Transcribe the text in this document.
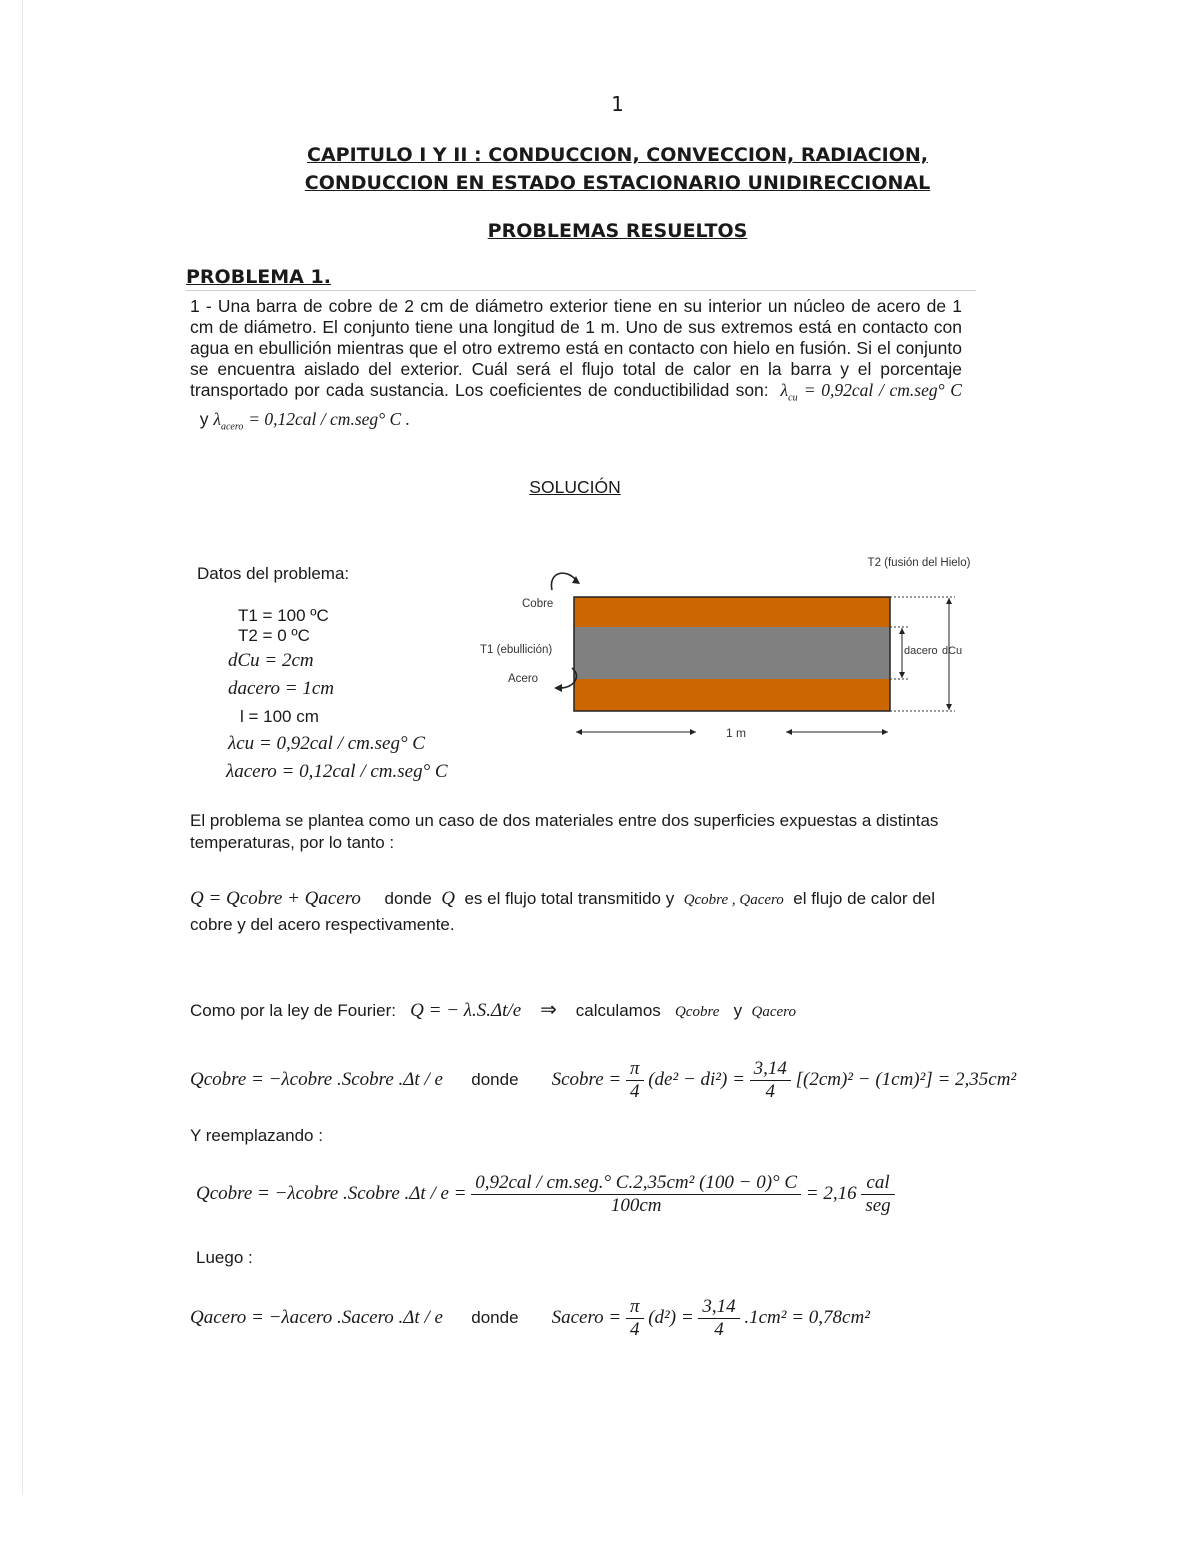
1
CAPITULO I Y II : CONDUCCION, CONVECCION, RADIACION,
CONDUCCION EN ESTADO ESTACIONARIO UNIDIRECCIONAL
PROBLEMAS RESUELTOS
PROBLEMA 1.
1 - Una barra de cobre de 2 cm de diámetro exterior tiene en su interior un núcleo de acero de 1 cm de diámetro. El conjunto tiene una longitud de 1 m. Uno de sus extremos está en contacto con agua en ebullición mientras que el otro extremo está en contacto con hielo en fusión. Si el conjunto se encuentra aislado del exterior. Cuál será el flujo total de calor en la barra y el porcentaje transportado por cada sustancia. Los coeficientes de conductibilidad son:  $\lambda_{cu} = 0,92cal / cm.seg^\circ$ C   y $\lambda_{acero} = 0,12cal / cm.seg^\circ$ C .
SOLUCIÓN
Datos del problema:
T1 = 100 ºC
T2 = 0 ºC
dCu = 2cm
dacero = 1cm
l = 100 cm
λcu = 0,92cal / cm.seg° C
λacero = 0,12cal / cm.seg° C
T2 (fusión del Hielo)
Cobre
T1 (ebullición)
Acero
dacero dCu
1 m
El problema se plantea como un caso de dos materiales entre dos superficies expuestas a distintas temperaturas, por lo tanto :
Q = Qcobre + Qacero donde Q es el flujo total transmitido y Qcobre , Qacero el flujo de calor del
cobre y del acero respectivamente.
Como por la ley de Fourier: Q = − λ.S.Δt/e ⇒ calculamos Qcobre y Qacero
Qcobre = −λcobre .Scobre .Δt / e donde Scobre = $\frac{\pi}{4} (de^2 - di^2) = \frac{3,14}{4} [(2cm)^2 - (1cm)^2] = 2,35cm^2$
Y reemplazando :
Qcobre = −λcobre .Scobre $.\Delta t / e = \frac{\text{0,92cal / cm.seg.° C.2,35cm² (100 − 0)° C}}{100cm} = 2,16 \frac{\text{cal}}{\text{seg}}$
Luego :
Qacero = −λacero .Sacero .Δt / e donde Sacero = $\frac{\pi}{4} (d^2) = \frac{3,14}{4} .1cm^2 = 0,78cm^2$
